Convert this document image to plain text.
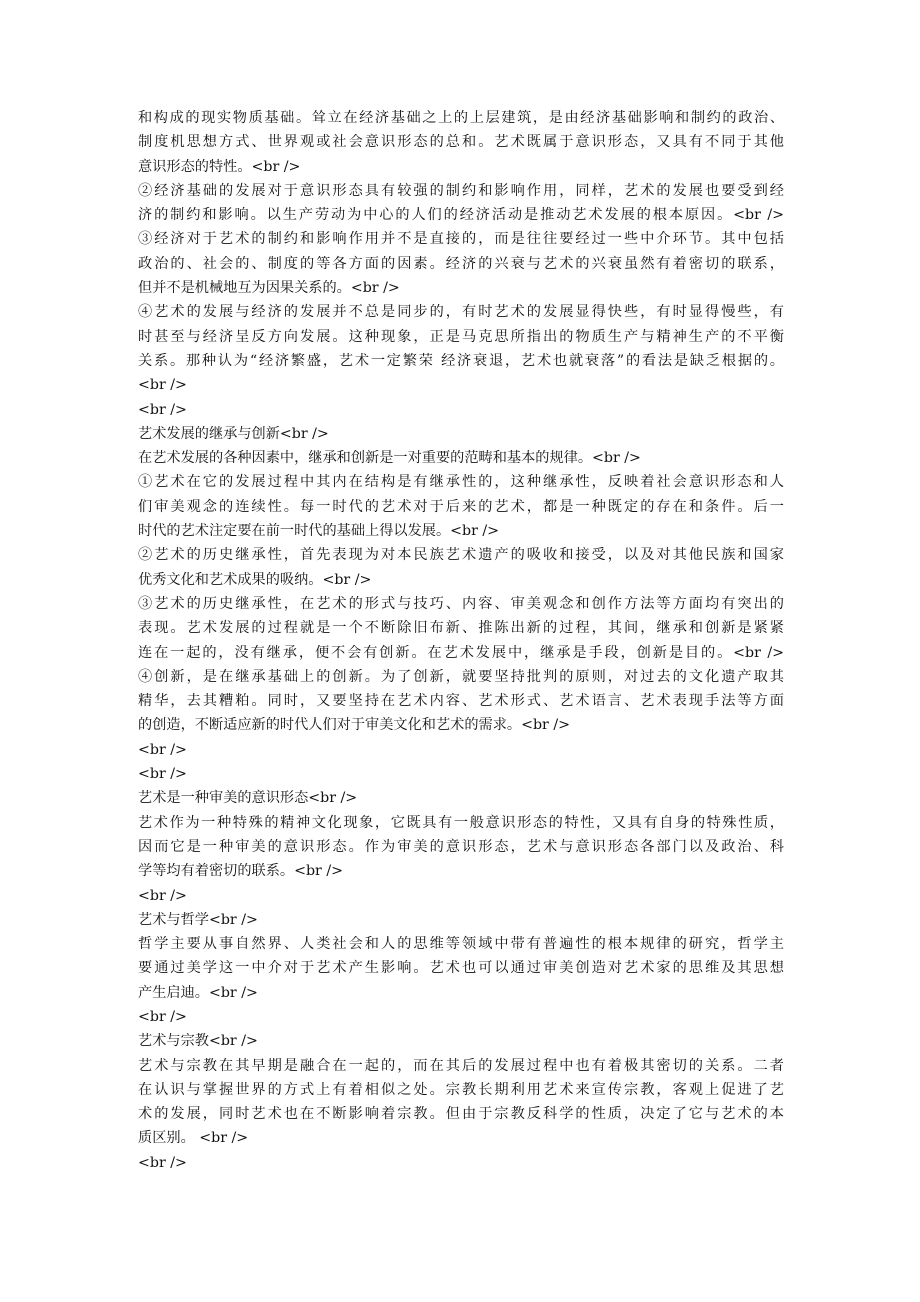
和构成的现实物质基础。耸立在经济基础之上的上层建筑，是由经济基础影响和制约的政治、
制度机思想方式、世界观或社会意识形态的总和。艺术既属于意识形态，又具有不同于其他
意识形态的特性。<br />
②经济基础的发展对于意识形态具有较强的制约和影响作用，同样，艺术的发展也要受到经
济的制约和影响。以生产劳动为中心的人们的经济活动是推动艺术发展的根本原因。<br />
③经济对于艺术的制约和影响作用并不是直接的，而是往往要经过一些中介环节。其中包括
政治的、社会的、制度的等各方面的因素。经济的兴衰与艺术的兴衰虽然有着密切的联系，
但并不是机械地互为因果关系的。<br />
④艺术的发展与经济的发展并不总是同步的，有时艺术的发展显得快些，有时显得慢些，有
时甚至与经济呈反方向发展。这种现象，正是马克思所指出的物质生产与精神生产的不平衡
关系。那种认为“经济繁盛，艺术一定繁荣 经济衰退，艺术也就衰落”的看法是缺乏根据的。
<br />
<br />
艺术发展的继承与创新<br />
在艺术发展的各种因素中，继承和创新是一对重要的范畴和基本的规律。<br />
①艺术在它的发展过程中其内在结构是有继承性的，这种继承性，反映着社会意识形态和人
们审美观念的连续性。每一时代的艺术对于后来的艺术，都是一种既定的存在和条件。后一
时代的艺术注定要在前一时代的基础上得以发展。<br />
②艺术的历史继承性，首先表现为对本民族艺术遗产的吸收和接受，以及对其他民族和国家
优秀文化和艺术成果的吸纳。<br />
③艺术的历史继承性，在艺术的形式与技巧、内容、审美观念和创作方法等方面均有突出的
表现。艺术发展的过程就是一个不断除旧布新、推陈出新的过程，其间，继承和创新是紧紧
连在一起的，没有继承，便不会有创新。在艺术发展中，继承是手段，创新是目的。<br />
④创新，是在继承基础上的创新。为了创新，就要坚持批判的原则，对过去的文化遗产取其
精华，去其糟粕。同时，又要坚持在艺术内容、艺术形式、艺术语言、艺术表现手法等方面
的创造，不断适应新的时代人们对于审美文化和艺术的需求。<br />
<br />
<br />
艺术是一种审美的意识形态<br />
艺术作为一种特殊的精神文化现象，它既具有一般意识形态的特性，又具有自身的特殊性质，
因而它是一种审美的意识形态。作为审美的意识形态，艺术与意识形态各部门以及政治、科
学等均有着密切的联系。<br />
<br />
艺术与哲学<br />
哲学主要从事自然界、人类社会和人的思维等领域中带有普遍性的根本规律的研究，哲学主
要通过美学这一中介对于艺术产生影响。艺术也可以通过审美创造对艺术家的思维及其思想
产生启迪。<br />
<br />
艺术与宗教<br />
艺术与宗教在其早期是融合在一起的，而在其后的发展过程中也有着极其密切的关系。二者
在认识与掌握世界的方式上有着相似之处。宗教长期利用艺术来宣传宗教，客观上促进了艺
术的发展，同时艺术也在不断影响着宗教。但由于宗教反科学的性质，决定了它与艺术的本
质区别。 <br />
<br />
